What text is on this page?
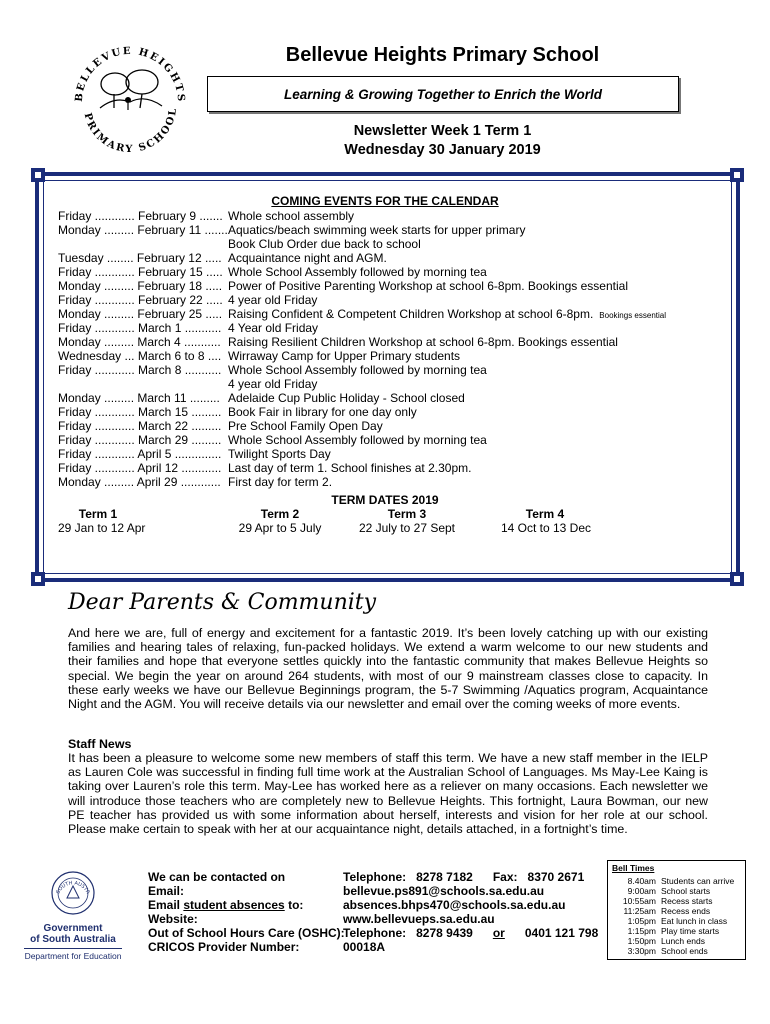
BELLEVUE HEIGHTS
PRIMARY SCHOOL
Bellevue Heights Primary School
Learning & Growing Together to Enrich the World
Newsletter Week 1 Term 1
Wednesday 30 January 2019
COMING EVENTS FOR THE CALENDAR
Friday ............ February 9 ....... Whole school assembly
Monday ......... February 11 .......Aquatics/beach swimming week starts for upper primary
Book Club Order due back to school
Tuesday ........ February 12 ..... Acquaintance night and AGM.
Friday ............ February 15 ..... Whole School Assembly followed by morning tea
Monday ......... February 18 ..... Power of Positive Parenting Workshop at school 6-8pm. Bookings essential
Friday ............ February 22 ..... 4 year old Friday
Monday ......... February 25 ..... Raising Confident & Competent Children Workshop at school 6-8pm. Bookings essential
Friday ............ March 1 ........... 4 Year old Friday
Monday ......... March 4 ........... Raising Resilient Children Workshop at school 6-8pm. Bookings essential
Wednesday ... March 6 to 8 .... Wirraway Camp for Upper Primary students
Friday ............ March 8 ........... Whole School Assembly followed by morning tea
4 year old Friday
Monday ......... March 11 ......... Adelaide Cup Public Holiday - School closed
Friday ............ March 15 ......... Book Fair in library for one day only
Friday ............ March 22 ......... Pre School Family Open Day
Friday ............ March 29 ......... Whole School Assembly followed by morning tea
Friday ............ April 5 .............. Twilight Sports Day
Friday ............ April 12 ............ Last day of term 1. School finishes at 2.30pm.
Monday ......... April 29 ............ First day for term 2.
TERM DATES 2019
Term 1
29 Jan to 12 Apr
Term 2
29 Apr to 5 July
Term 3
22 July to 27 Sept
Term 4
14 Oct to 13 Dec
Dear Parents & Community
And here we are, full of energy and excitement for a fantastic 2019. It’s been lovely catching up with our existing families and hearing tales of relaxing, fun-packed holidays. We extend a warm welcome to our new students and their families and hope that everyone settles quickly into the fantastic community that makes Bellevue Heights so special. We begin the year on around 264 students, with most of our 9 mainstream classes close to capacity. In these early weeks we have our Bellevue Beginnings program, the 5-7 Swimming /Aquatics program, Acquaintance Night and the AGM. You will receive details via our newsletter and email over the coming weeks of more events.
Staff News
It has been a pleasure to welcome some new members of staff this term. We have a new staff member in the IELP as Lauren Cole was successful in finding full time work at the Australian School of Languages. Ms May-Lee Kaing is taking over Lauren’s role this term. May-Lee has worked here as a reliever on many occasions. Each newsletter we will introduce those teachers who are completely new to Bellevue Heights. This fortnight, Laura Bowman, our new PE teacher has provided us with some information about herself, interests and vision for her role at our school. Please make certain to speak with her at our acquaintance night, details attached, in a fortnight’s time.
SOUTH AUSTR
Government
of South Australia
Department for Education
We can be contacted on
Email:
Email student absences to:
Website:
Out of School Hours Care (OSHC):
CRICOS Provider Number:
Telephone:   8278 7182      Fax:   8370 2671
bellevue.ps891@schools.sa.edu.au
absences.bhps470@schools.sa.edu.au
www.bellevueps.sa.edu.au
Telephone:   8278 9439      or      0401 121 798
00018A
Bell Times
8.40am Students can arrive
9:00am School starts
10:55am Recess starts
11:25am Recess ends
1:05pm Eat lunch in class
1:15pm Play time starts
1:50pm Lunch ends
3:30pm School ends
